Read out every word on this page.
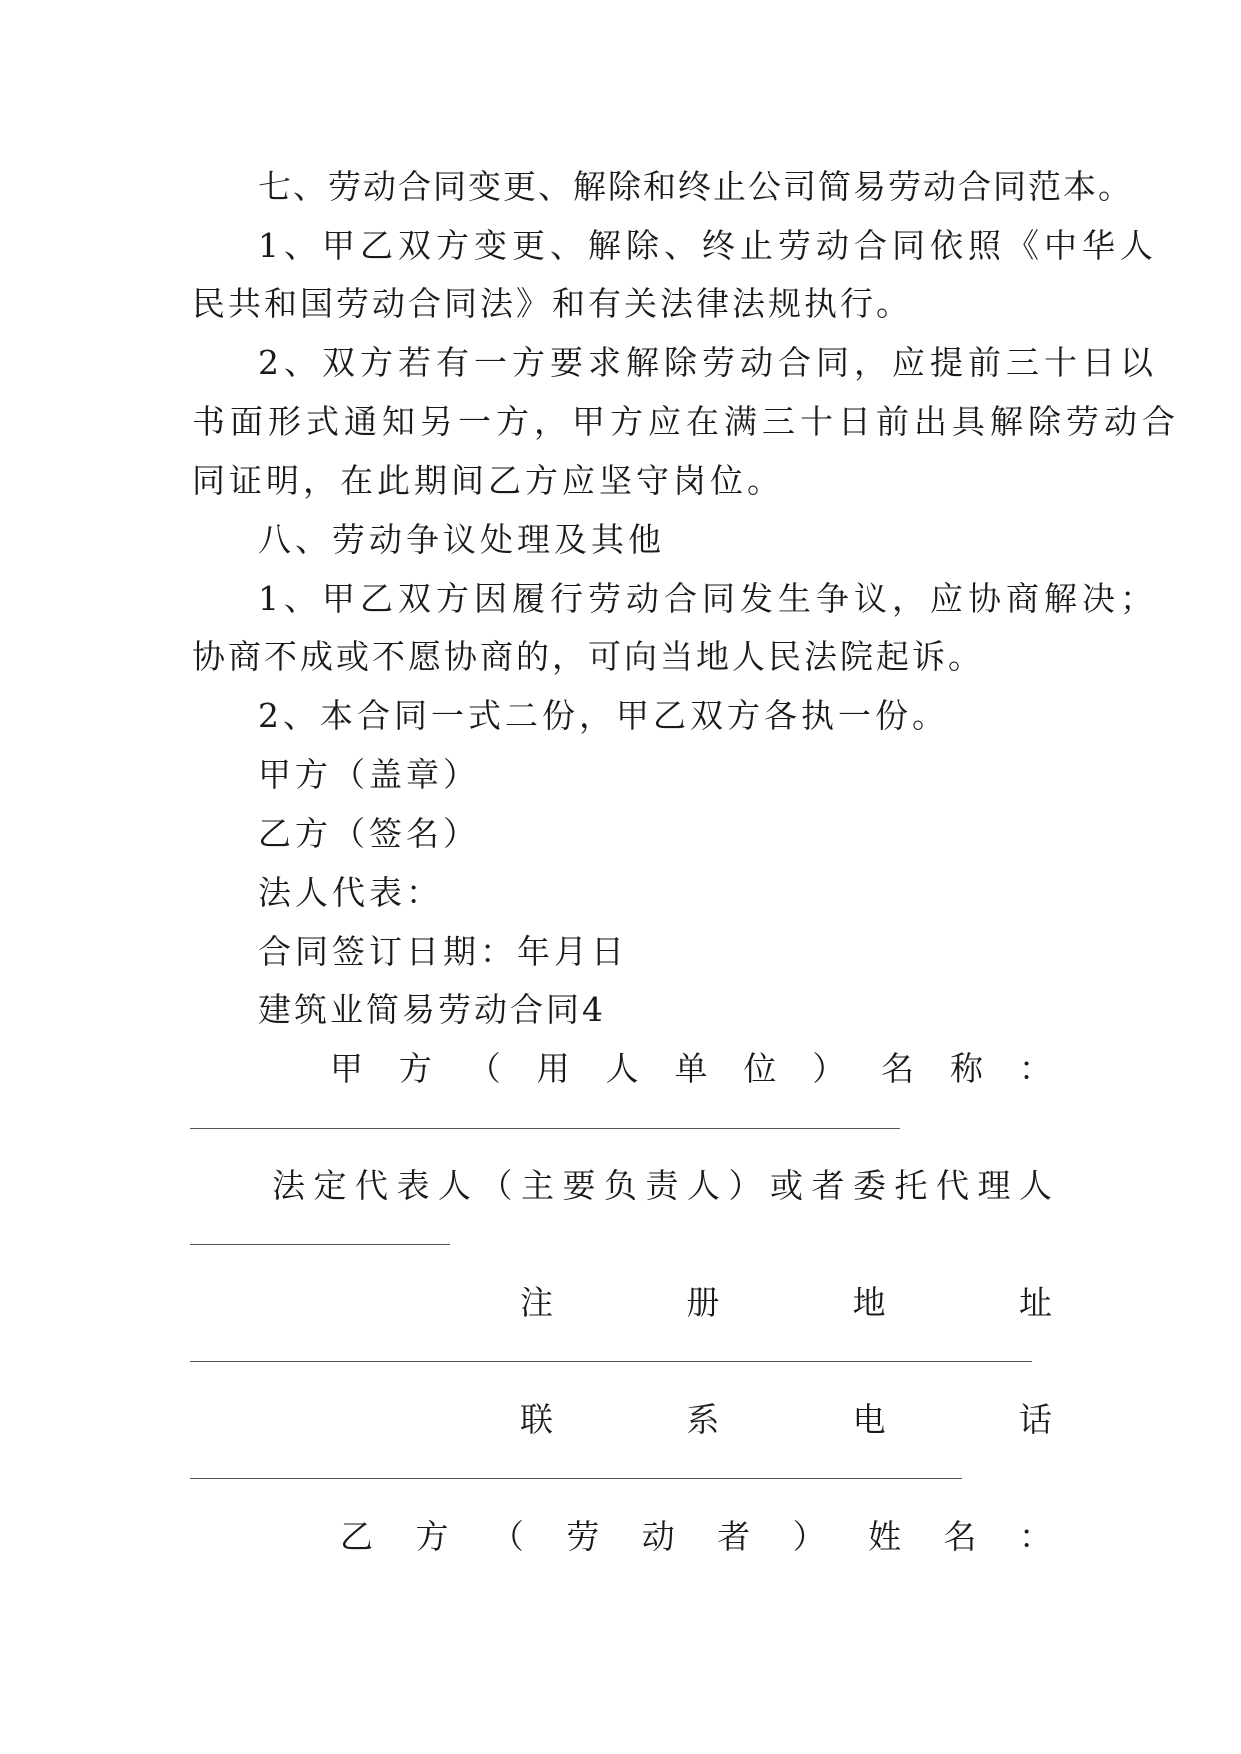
七、劳动合同变更、解除和终止公司简易劳动合同范本。
1、甲乙双方变更、解除、终止劳动合同依照《中华人
民共和国劳动合同法》和有关法律法规执行。
2、双方若有一方要求解除劳动合同，应提前三十日以
书面形式通知另一方，甲方应在满三十日前出具解除劳动合
同证明，在此期间乙方应坚守岗位。
八、劳动争议处理及其他
1、甲乙双方因履行劳动合同发生争议，应协商解决；
协商不成或不愿协商的，可向当地人民法院起诉。
2、本合同一式二份，甲乙双方各执一份。
甲方（盖章）
乙方（签名）
法人代表：
合同签订日期：年月日
建筑业简易劳动合同4
甲 方 （ 用 人 单 位 ） 名 称 ：
法 定 代 表 人 （ 主 要 负 责 人 ） 或 者 委 托 代 理 人
注	册	地	址
联	系	电	话
乙 方 （ 劳 动 者 ） 姓 名 ：
